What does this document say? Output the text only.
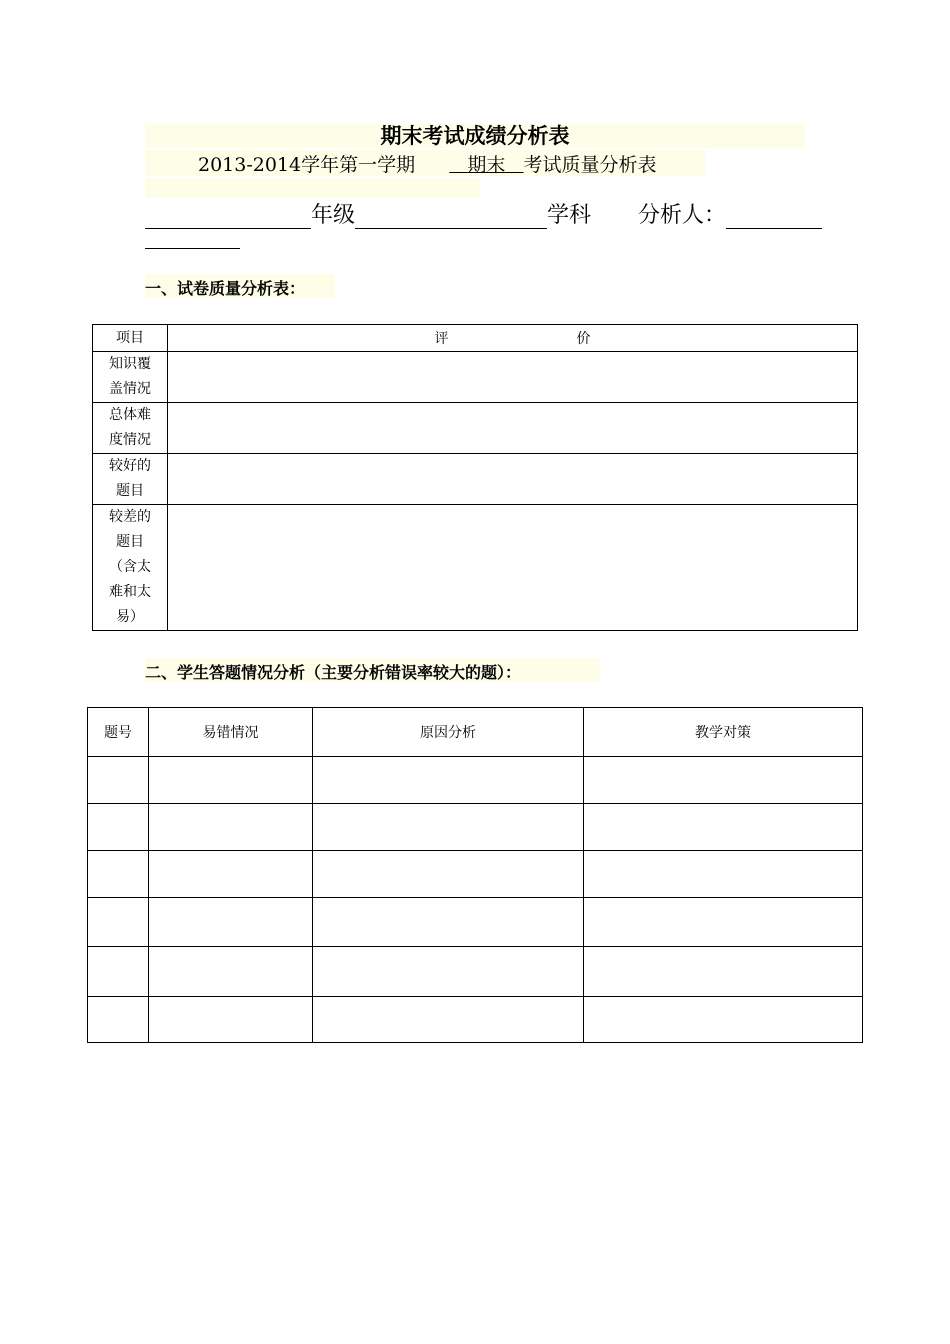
期末考试成绩分析表
2013-2014学年第一学期	期末 考试质量分析表
年级	学科 分析人：
一、试卷质量分析表：
项目	评 价

知识覆
盖情况	

总体难
度情况	

较好的
题目	

较差的
题目
（含太
难和太
易）	

二、学生答题情况分析（主要分析错误率较大的题）：
题号	易错情况	原因分析	教学对策
